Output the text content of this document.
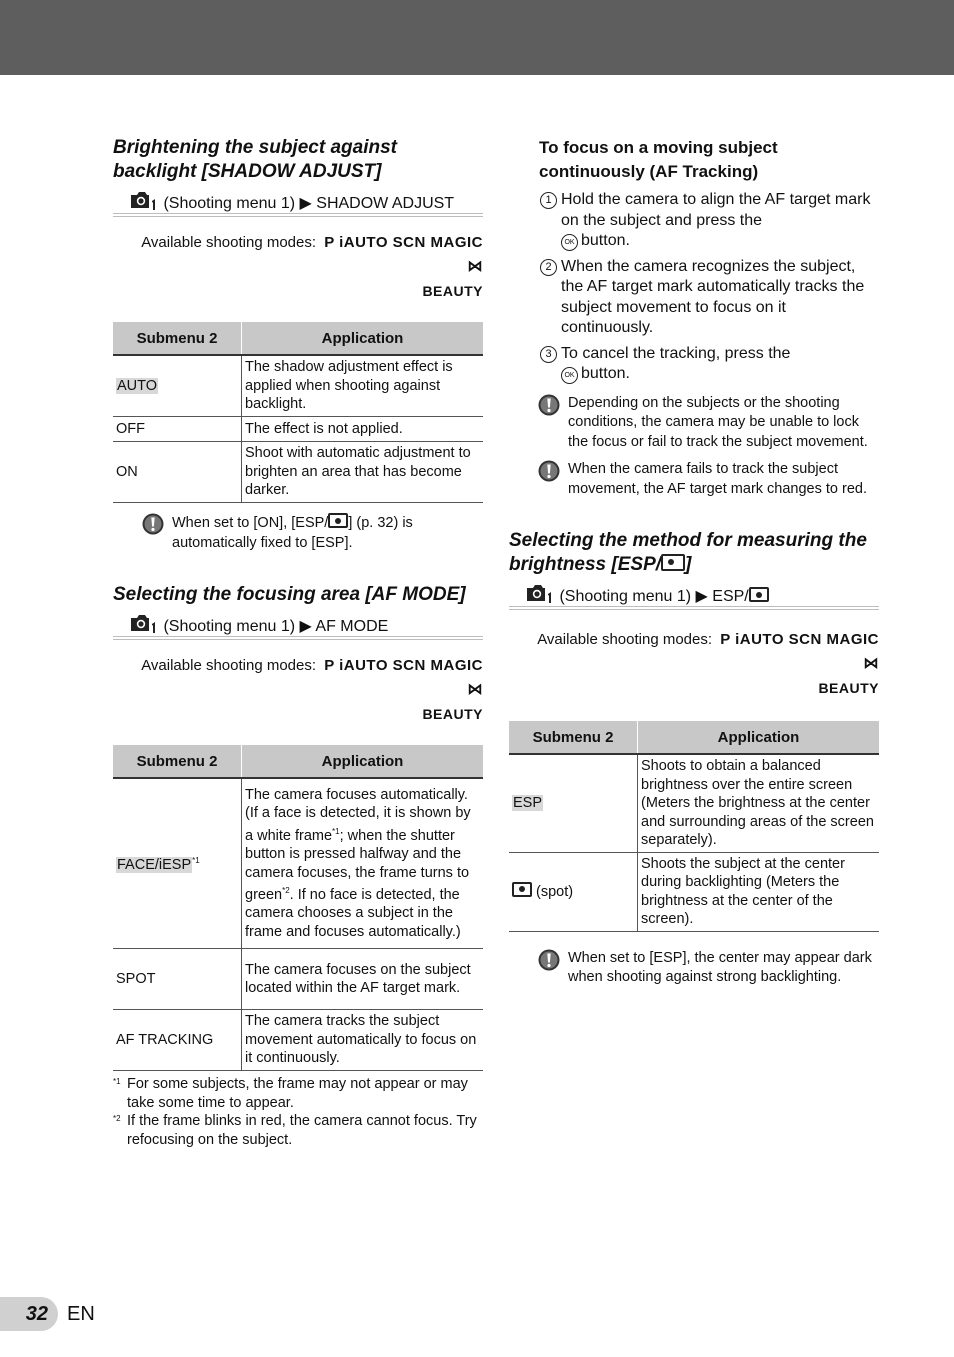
Brightening the subject against backlight [SHADOW ADJUST]
(Shooting menu 1) ▶ SHADOW ADJUST
Available shooting modes: P iAUTO SCN MAGIC ⋈
BEAUTY
Submenu 2	Application
AUTO	The shadow adjustment effect is applied when shooting against backlight.
OFF	The effect is not applied.
ON	Shoot with automatic adjustment to brighten an area that has become darker.
When set to [ON], [ESP/ ] (p. 32) is automatically fixed to [ESP].
Selecting the focusing area [AF MODE]
(Shooting menu 1) ▶ AF MODE
Available shooting modes: P iAUTO SCN MAGIC ⋈
BEAUTY
Submenu 2	Application
FACE/iESP$^{*1}$	The camera focuses automatically. (If a face is detected, it is shown by a white frame$^{*1}$; when the shutter button is pressed halfway and the camera focuses, the frame turns to green$^{*2}$. If no face is detected, the camera chooses a subject in the frame and focuses automatically.)
SPOT	The camera focuses on the subject located within the AF target mark.
AF TRACKING	The camera tracks the subject movement automatically to focus on it continuously.
*1 For some subjects, the frame may not appear or may take some time to appear.
*2 If the frame blinks in red, the camera cannot focus. Try refocusing on the subject.
To focus on a moving subject continuously (AF Tracking)
1 Hold the camera to align the AF target mark on the subject and press the
OK button.
2 When the camera recognizes the subject, the AF target mark automatically tracks the subject movement to focus on it continuously.
3 To cancel the tracking, press the
OK button.
Depending on the subjects or the shooting conditions, the camera may be unable to lock the focus or fail to track the subject movement.
When the camera fails to track the subject movement, the AF target mark changes to red.
Selecting the method for measuring the brightness [ESP/ ]
(Shooting menu 1) ▶ ESP/
Available shooting modes: P iAUTO SCN MAGIC ⋈
BEAUTY
Submenu 2	Application
ESP	Shoots to obtain a balanced brightness over the entire screen (Meters the brightness at the center and surrounding areas of the screen separately).
(spot)	Shoots the subject at the center during backlighting (Meters the brightness at the center of the screen).
When set to [ESP], the center may appear dark when shooting against strong backlighting.
32 EN
